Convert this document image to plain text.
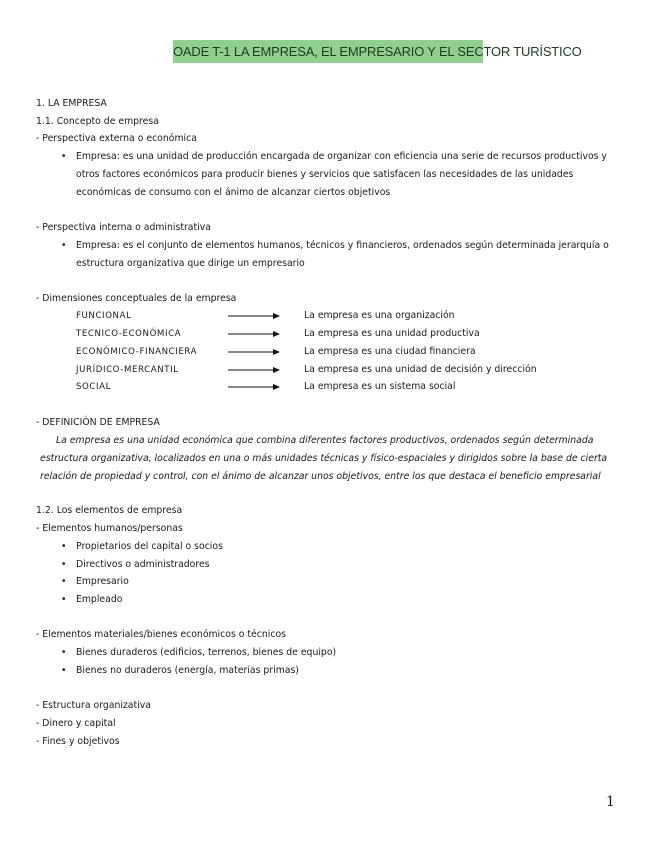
OADE T-1 LA EMPRESA, EL EMPRESARIO Y EL SECTOR TURÍSTICO
1. LA EMPRESA
1.1. Concepto de empresa
- Perspectiva externa o económica
• Empresa: es una unidad de producción encargada de organizar con eficiencia una serie de recursos productivos y otros factores económicos para producir bienes y servicios que satisfacen las necesidades de las unidades económicas de consumo con el ánimo de alcanzar ciertos objetivos
- Perspectiva interna o administrativa
• Empresa: es el conjunto de elementos humanos, técnicos y financieros, ordenados según determinada jerarquía o estructura organizativa que dirige un empresario
- Dimensiones conceptuales de la empresa
FUNCIONAL	La empresa es una organización
TECNICO-ECONÓMICA	La empresa es una unidad productiva
ECONÓMICO-FINANCIERA	La empresa es una ciudad financiera
JURÍDICO-MERCANTIL	La empresa es una unidad de decisión y dirección
SOCIAL	La empresa es un sistema social
- DEFINICIÓN DE EMPRESA
La empresa es una unidad económica que combina diferentes factores productivos, ordenados según determinada estructura organizativa, localizados en una o más unidades técnicas y físico-espaciales y dirigidos sobre la base de cierta relación de propiedad y control, con el ánimo de alcanzar unos objetivos, entre los que destaca el beneficio empresarial
1.2. Los elementos de empresa
- Elementos humanos/personas
• Propietarios del capital o socios
• Directivos o administradores
• Empresario
• Empleado
- Elementos materiales/bienes económicos o técnicos
• Bienes duraderos (edificios, terrenos, bienes de equipo)
• Bienes no duraderos (energía, materias primas)
- Estructura organizativa
- Dinero y capital
- Fines y objetivos
1
